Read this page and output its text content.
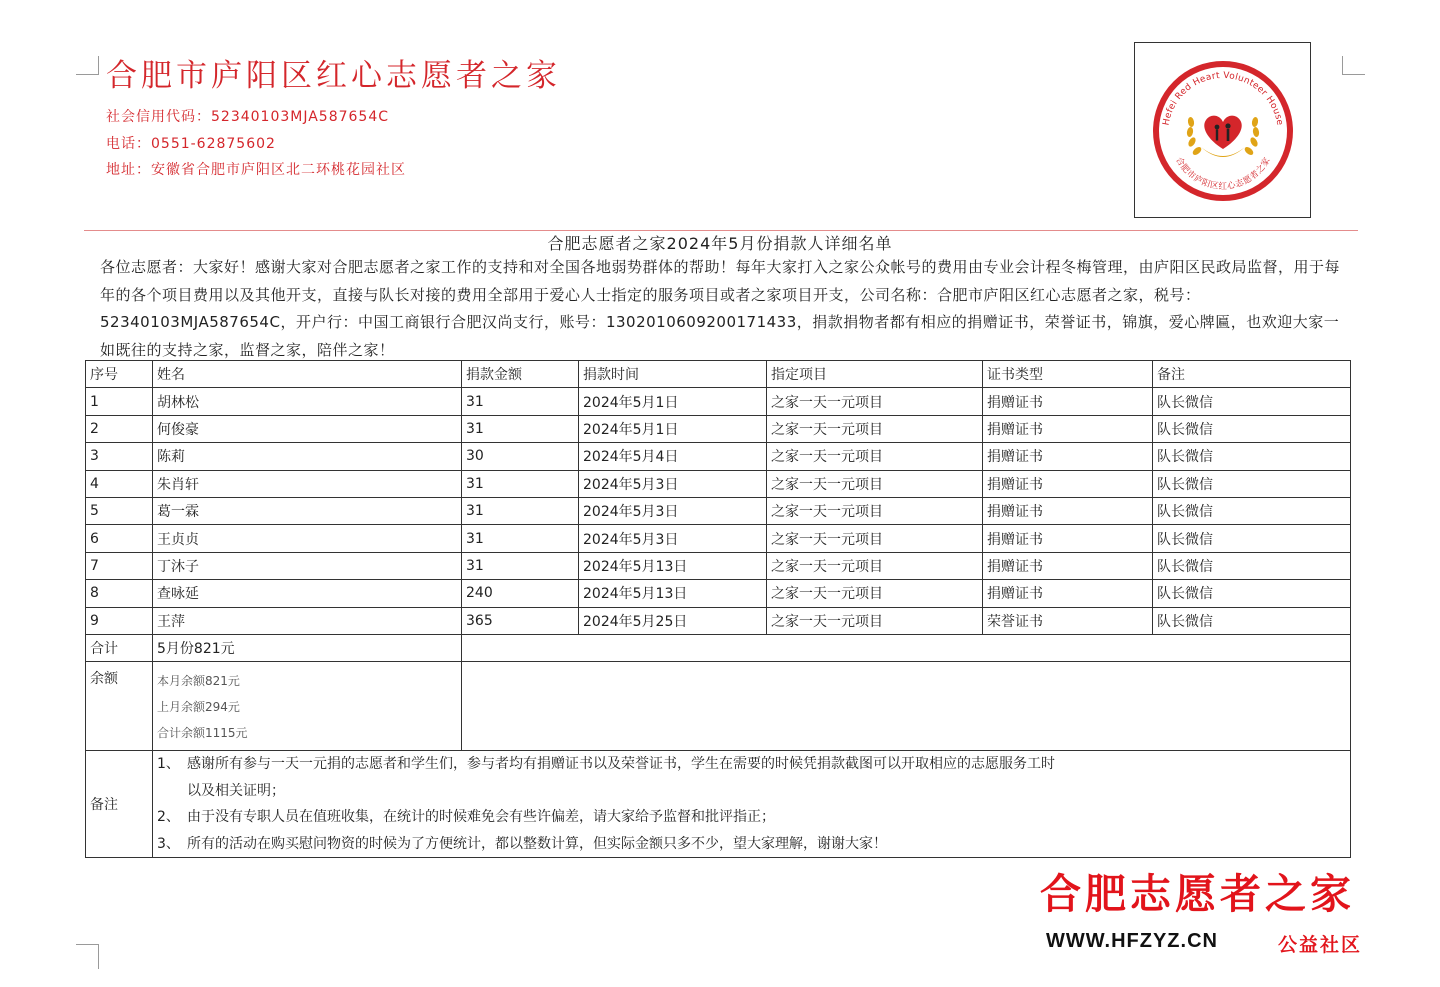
合肥市庐阳区红心志愿者之家
社会信用代码：52340103MJA587654C
电话：0551-62875602
地址：安徽省合肥市庐阳区北二环桃花园社区
Hefei Red Heart Volunteer House
合肥市庐阳区红心志愿者之家
合肥志愿者之家2024年5月份捐款人详细名单

各位志愿者：大家好！感谢大家对合肥志愿者之家工作的支持和对全国各地弱势群体的帮助！每年大家打入之家公众帐号的费用由专业会计程冬梅管理，由庐阳区民政局监督，用于每年的各个项目费用以及其他开支，直接与队长对接的费用全部用于爱心人士指定的服务项目或者之家项目开支，公司名称：合肥市庐阳区红心志愿者之家，税号：52340103MJA587654C，开户行：中国工商银行合肥汉尚支行，账号：1302010609200171433，捐款捐物者都有相应的捐赠证书，荣誉证书，锦旗，爱心牌匾，也欢迎大家一如既往的支持之家，监督之家，陪伴之家！

序号	姓名	捐款金额	捐款时间	指定项目	证书类型	备注
1	胡林松	31	2024年5月1日	之家一天一元项目	捐赠证书	队长微信
2	何俊豪	31	2024年5月1日	之家一天一元项目	捐赠证书	队长微信
3	陈莉	30	2024年5月4日	之家一天一元项目	捐赠证书	队长微信
4	朱肖轩	31	2024年5月3日	之家一天一元项目	捐赠证书	队长微信
5	葛一霖	31	2024年5月3日	之家一天一元项目	捐赠证书	队长微信
6	王贞贞	31	2024年5月3日	之家一天一元项目	捐赠证书	队长微信
7	丁沐子	31	2024年5月13日	之家一天一元项目	捐赠证书	队长微信
8	查咏延	240	2024年5月13日	之家一天一元项目	捐赠证书	队长微信
9	王萍	365	2024年5月25日	之家一天一元项目	荣誉证书	队长微信
合计	5月份821元					
余额	本月余额821元
上月余额294元
合计余额1115元					

备注	1、 感谢所有参与一天一元捐的志愿者和学生们，参与者均有捐赠证书以及荣誉证书，学生在需要的时候凭捐款截图可以开取相应的志愿服务工时
以及相关证明；
2、 由于没有专职人员在值班收集，在统计的时候难免会有些许偏差，请大家给予监督和批评指正；
3、 所有的活动在购买慰问物资的时候为了方便统计，都以整数计算，但实际金额只多不少，望大家理解，谢谢大家！					
合肥志愿者之家
WWW.HFZYZ.CN	公益社区
